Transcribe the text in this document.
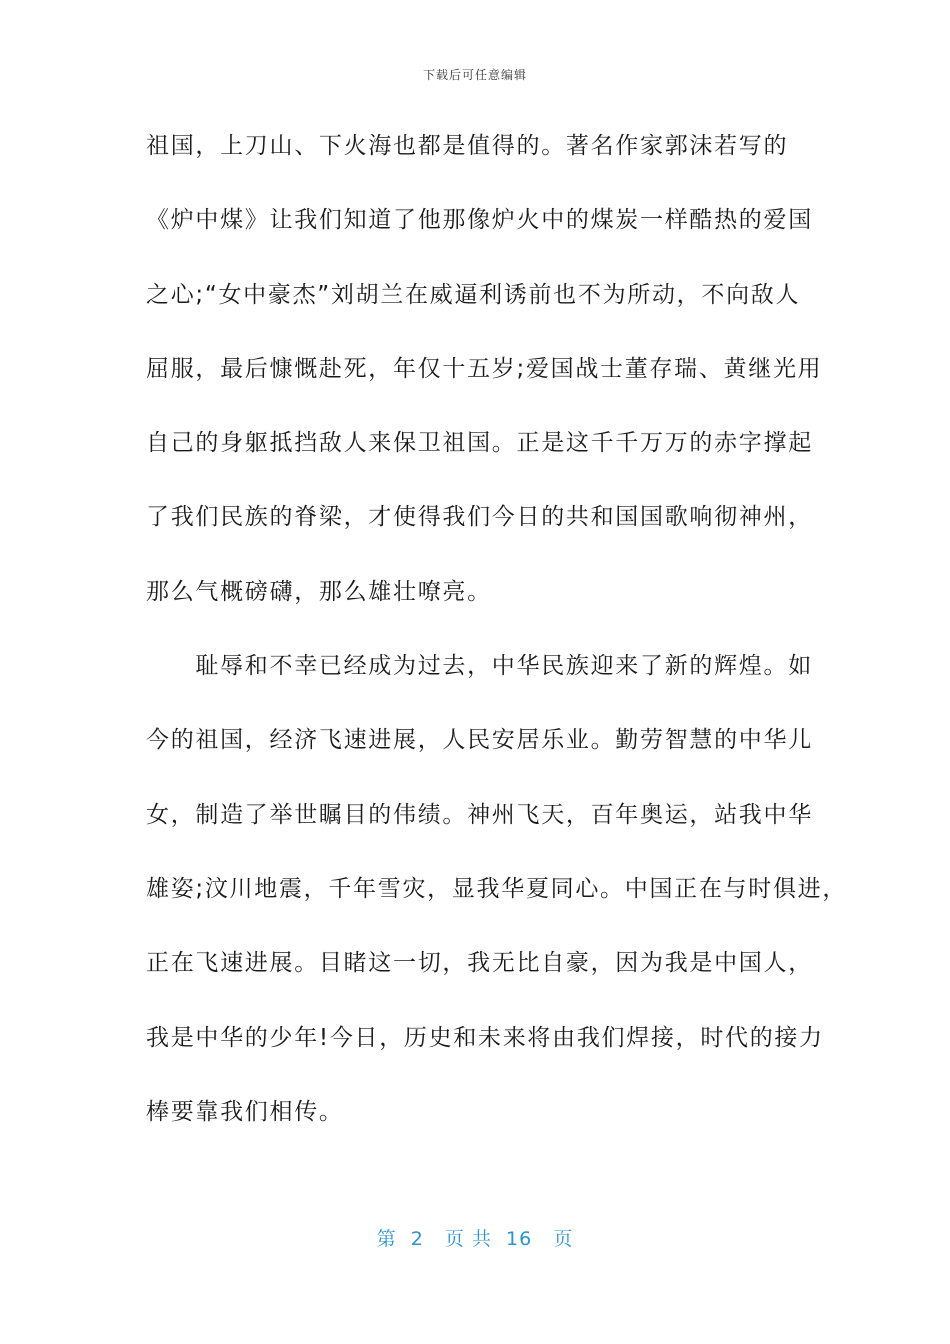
下载后可任意编辑
祖国，上刀山、下火海也都是值得的。著名作家郭沫若写的
《炉中煤》让我们知道了他那像炉火中的煤炭一样酷热的爱国
之心;“女中豪杰”刘胡兰在威逼利诱前也不为所动，不向敌人
屈服，最后慷慨赴死，年仅十五岁;爱国战士董存瑞、黄继光用
自己的身躯抵挡敌人来保卫祖国。正是这千千万万的赤字撑起
了我们民族的脊梁，才使得我们今日的共和国国歌响彻神州，
那么气概磅礴，那么雄壮嘹亮。
　　耻辱和不幸已经成为过去，中华民族迎来了新的辉煌。如
今的祖国，经济飞速进展，人民安居乐业。勤劳智慧的中华儿
女，制造了举世瞩目的伟绩。神州飞天，百年奥运，站我中华
雄姿;汶川地震，千年雪灾，显我华夏同心。中国正在与时俱进，
正在飞速进展。目睹这一切，我无比自豪，因为我是中国人，
我是中华的少年!今日，历史和未来将由我们焊接，时代的接力
棒要靠我们相传。
第  2   页 共  16   页
